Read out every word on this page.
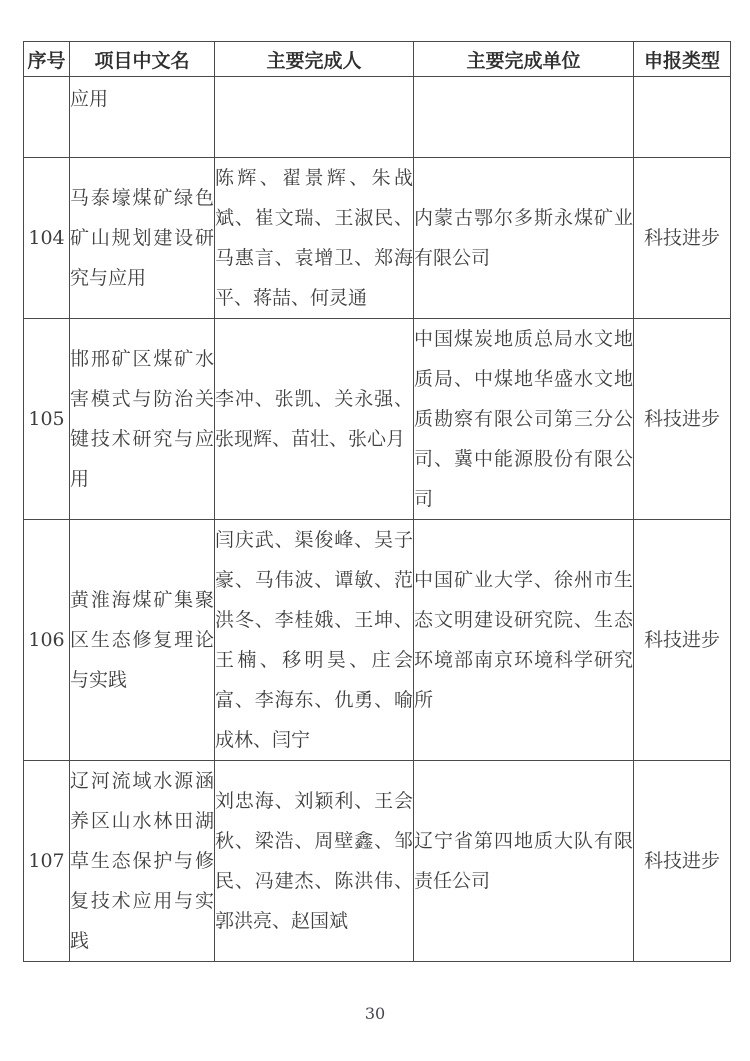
序号	项目中文名	主要完成人	主要完成单位	申报类型
	应用			
104	马泰壕煤矿绿色矿山规划建设研究与应用	陈辉、翟景辉、朱战斌、崔文瑞、王淑民、马惠言、袁增卫、郑海平、蒋喆、何灵通	内蒙古鄂尔多斯永煤矿业有限公司	科技进步
105	邯邢矿区煤矿水害模式与防治关键技术研究与应用	李冲、张凯、关永强、张现辉、苗壮、张心月	中国煤炭地质总局水文地质局、中煤地华盛水文地质勘察有限公司第三分公司、冀中能源股份有限公司	科技进步
106	黄淮海煤矿集聚区生态修复理论与实践	闫庆武、渠俊峰、吴子豪、马伟波、谭敏、范洪冬、李桂娥、王坤、王楠、移明昊、庄会富、李海东、仇勇、喻成林、闫宁	中国矿业大学、徐州市生态文明建设研究院、生态环境部南京环境科学研究所	科技进步
107	辽河流域水源涵养区山水林田湖草生态保护与修复技术应用与实践	刘忠海、刘颖利、王会秋、梁浩、周壁鑫、邹民、冯建杰、陈洪伟、郭洪亮、赵国斌	辽宁省第四地质大队有限责任公司	科技进步
30
